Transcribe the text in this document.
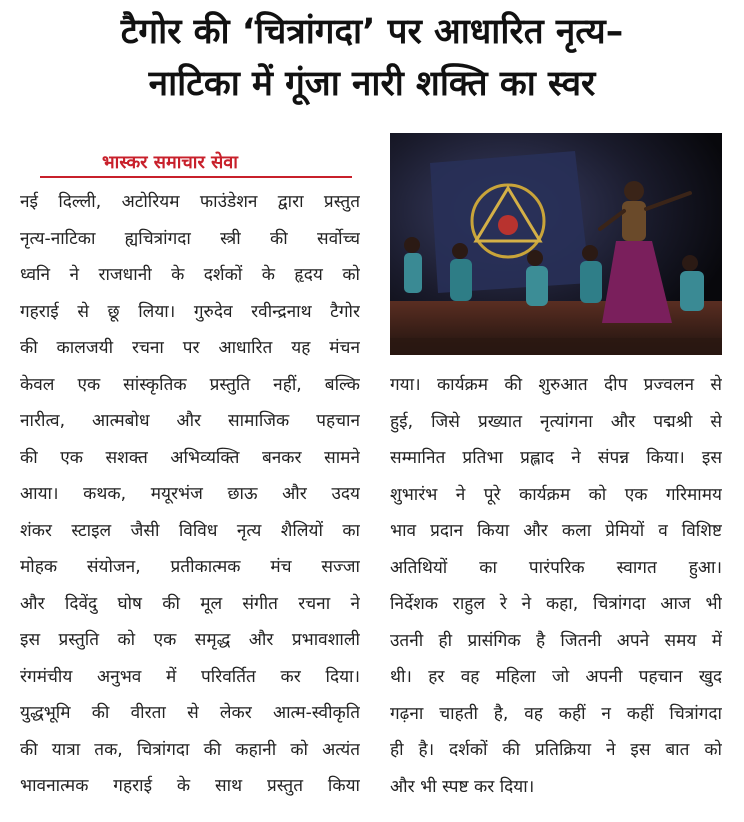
टैगोर की ‘चित्रांगदा’ पर आधारित नृत्य–
नाटिका में गूंजा नारी शक्ति का स्वर
भास्कर समाचार सेवा
नई दिल्ली, अटोरियम फाउंडेशन द्वारा प्रस्तुत
नृत्य-नाटिका ह्यचित्रांगदा स्त्री की सर्वोच्च
ध्वनि ने राजधानी के दर्शकों के हृदय को
गहराई से छू लिया। गुरुदेव रवीन्द्रनाथ टैगोर
की कालजयी रचना पर आधारित यह मंचन
केवल एक सांस्कृतिक प्रस्तुति नहीं, बल्कि
नारीत्व, आत्मबोध और सामाजिक पहचान
की एक सशक्त अभिव्यक्ति बनकर सामने
आया। कथक, मयूरभंज छाऊ और उदय
शंकर स्टाइल जैसी विविध नृत्य शैलियों का
मोहक संयोजन, प्रतीकात्मक मंच सज्जा
और दिवेंदु घोष की मूल संगीत रचना ने
इस प्रस्तुति को एक समृद्ध और प्रभावशाली
रंगमंचीय अनुभव में परिवर्तित कर दिया।
युद्धभूमि की वीरता से लेकर आत्म-स्वीकृति
की यात्रा तक, चित्रांगदा की कहानी को अत्यंत
भावनात्मक गहराई के साथ प्रस्तुत किया
गया। कार्यक्रम की शुरुआत दीप प्रज्वलन से
हुई, जिसे प्रख्यात नृत्यांगना और पद्मश्री से
सम्मानित प्रतिभा प्रह्लाद ने संपन्न किया। इस
शुभारंभ ने पूरे कार्यक्रम को एक गरिमामय
भाव प्रदान किया और कला प्रेमियों व विशिष्ट
अतिथियों का पारंपरिक स्वागत हुआ।
निर्देशक राहुल रे ने कहा, चित्रांगदा आज भी
उतनी ही प्रासंगिक है जितनी अपने समय में
थी। हर वह महिला जो अपनी पहचान खुद
गढ़ना चाहती है, वह कहीं न कहीं चित्रांगदा
ही है। दर्शकों की प्रतिक्रिया ने इस बात को
और भी स्पष्ट कर दिया।
